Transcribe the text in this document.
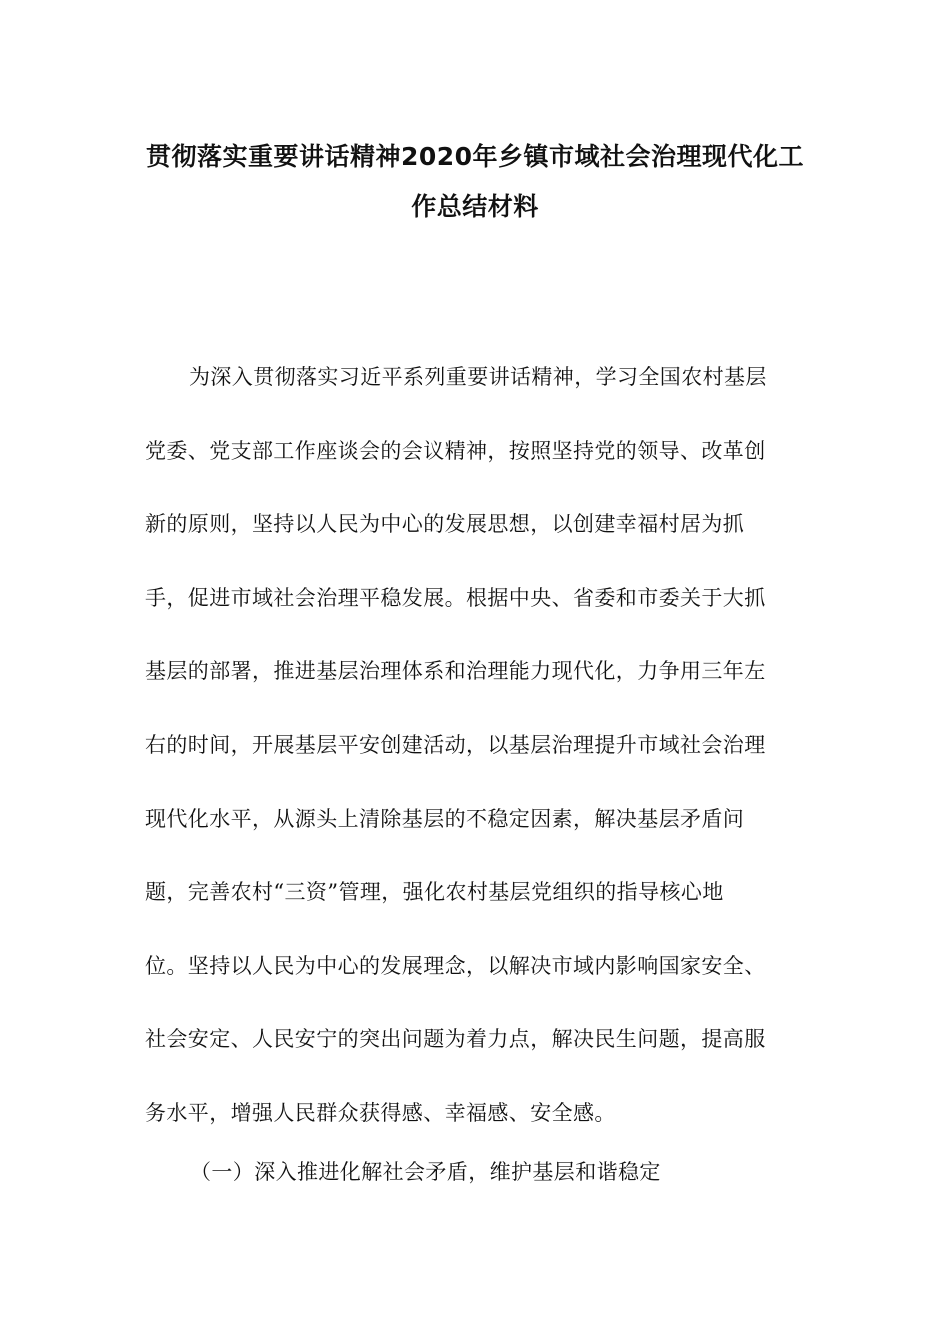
贯彻落实重要讲话精神2020年乡镇市域社会治理现代化工
作总结材料
为深入贯彻落实习近平系列重要讲话精神，学习全国农村基层
党委、党支部工作座谈会的会议精神，按照坚持党的领导、改革创
新的原则，坚持以人民为中心的发展思想，以创建幸福村居为抓
手，促进市域社会治理平稳发展。根据中央、省委和市委关于大抓
基层的部署，推进基层治理体系和治理能力现代化，力争用三年左
右的时间，开展基层平安创建活动，以基层治理提升市域社会治理
现代化水平，从源头上清除基层的不稳定因素，解决基层矛盾问
题，完善农村“三资”管理，强化农村基层党组织的指导核心地
位。坚持以人民为中心的发展理念，以解决市域内影响国家安全、
社会安定、人民安宁的突出问题为着力点，解决民生问题，提高服
务水平，增强人民群众获得感、幸福感、安全感。
（一）深入推进化解社会矛盾，维护基层和谐稳定
